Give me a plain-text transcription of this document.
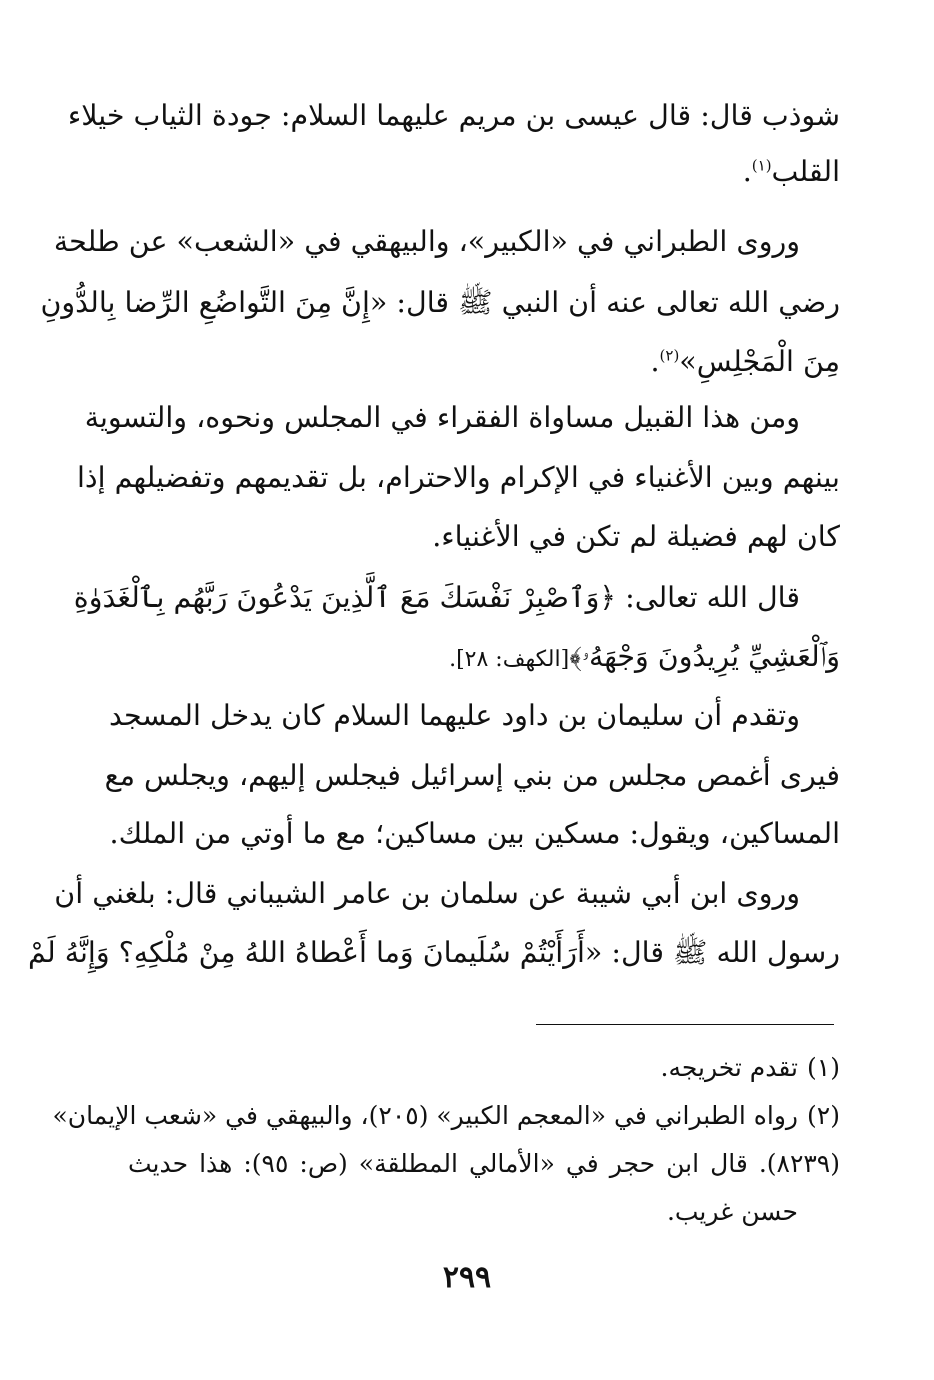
شوذب قال: قال عيسى بن مريم عليهما السلام: جودة الثياب خيلاء
القلب$^{(١)}$.
وروى الطبراني في «الكبير»، والبيهقي في «الشعب» عن طلحة
رضي الله تعالى عنه أن النبي ﷺ قال: «إِنَّ مِنَ التَّواضُعِ الرِّضا بِالدُّونِ
مِنَ الْمَجْلِسِ»$^{(٢)}$.
ومن هذا القبيل مساواة الفقراء في المجلس ونحوه، والتسوية
بينهم وبين الأغنياء في الإكرام والاحترام، بل تقديمهم وتفضيلهم إذا
كان لهم فضيلة لم تكن في الأغنياء.
قال الله تعالى: ﴿وَٱصْبِرْ نَفْسَكَ مَعَ ٱلَّذِينَ يَدْعُونَ رَبَّهُم بِٱلْغَدَوٰةِ
وَٱلْعَشِيِّ يُرِيدُونَ وَجْهَهُۥ﴾[الكهف: ٢٨].
وتقدم أن سليمان بن داود عليهما السلام كان يدخل المسجد
فيرى أغمص مجلس من بني إسرائيل فيجلس إليهم، ويجلس مع
المساكين، ويقول: مسكين بين مساكين؛ مع ما أوتي من الملك.
وروى ابن أبي شيبة عن سلمان بن عامر الشيباني قال: بلغني أن
رسول الله ﷺ قال: «أَرَأَيْتُمْ سُلَيمانَ وَما أَعْطاهُ اللهُ مِنْ مُلْكِهِ؟ وَإِنَّهُ لَمْ
(١)تقدم تخريجه.
(٢)رواه الطبراني في «المعجم الكبير» (٢٠٥)، والبيهقي في «شعب الإيمان»
(٨٢٣٩). قال ابن حجر في «الأمالي المطلقة» (ص: ٩٥): هذا حديث
حسن غريب.
٢٩٩
